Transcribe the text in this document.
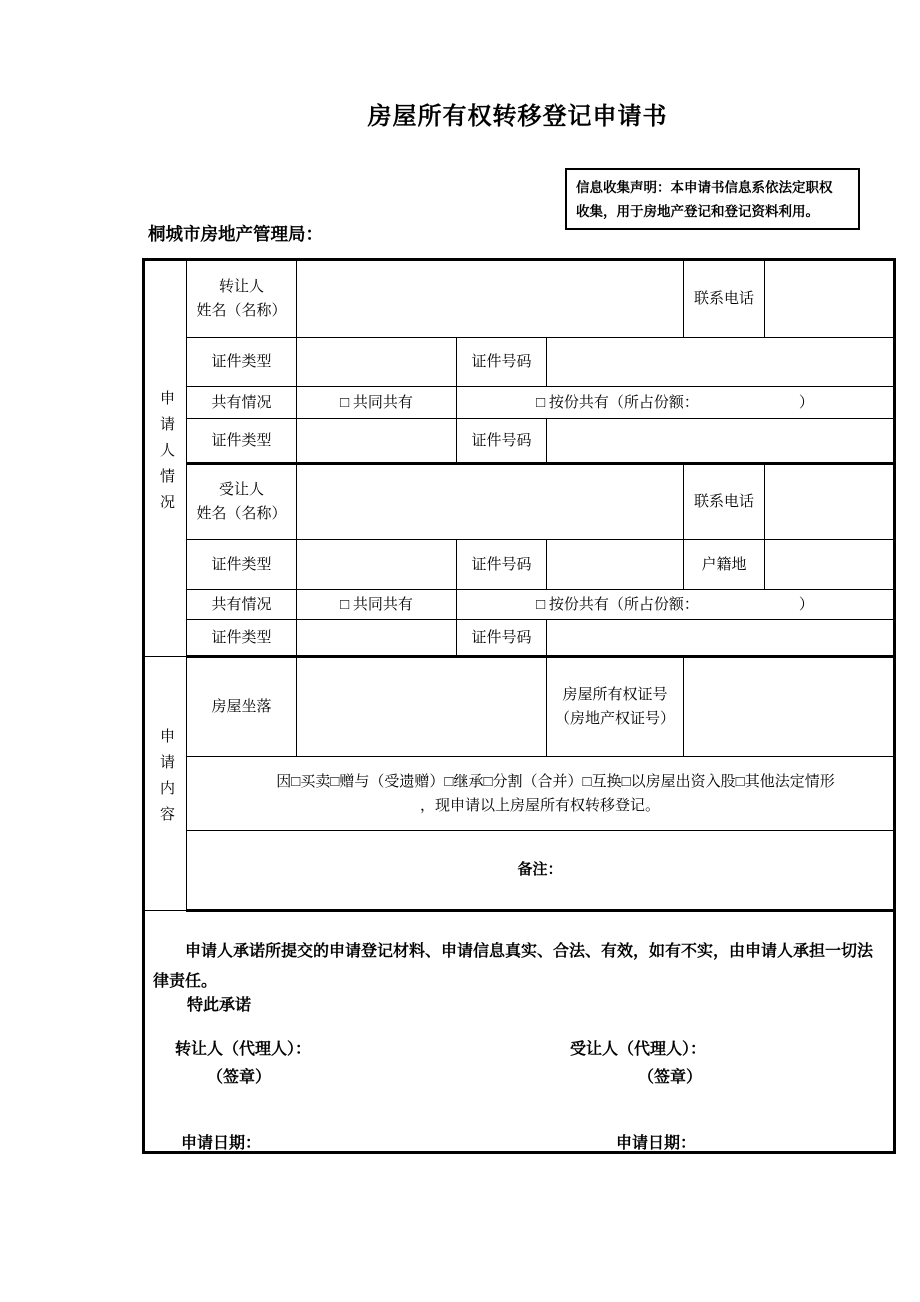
房屋所有权转移登记申请书
信息收集声明：本申请书信息系依法定职权
收集，用于房地产登记和登记资料利用。
桐城市房地产管理局：
申请人情况	转让人
姓名（名称）				联系电话	
	证件类型		证件号码			
	共有情况	□ 共同共有	□ 按份共有（所占份额： ）			
	证件类型		证件号码			

	受让人
姓名（名称）				联系电话	
	证件类型		证件号码		户籍地	
	共有情况	□ 共同共有	□ 按份共有（所占份额： ）			
	证件类型		证件号码			
申请内容	房屋坐落			房屋所有权证号
（房地产权证号）		

	因□买卖□赠与（受遗赠）□继承□分割（合并）□互换□以房屋出资入股□其他法定情形
，现申请以上房屋所有权转移登记。					

	备注：					

申请人承诺所提交的申请登记材料、申请信息真实、合法、有效，如有不实，由申请人承担一切法
律责任。
特此承诺
转让人（代理人）：
（签章）
受让人（代理人）：
（签章）
申请日期：	申请日期：
